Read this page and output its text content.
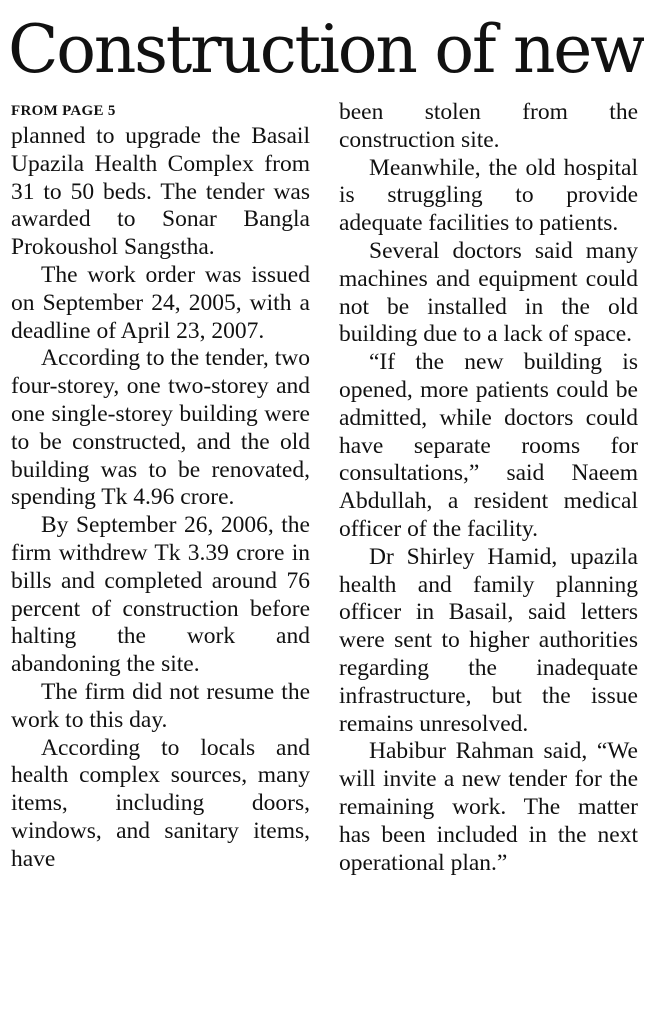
Construction of new
FROM PAGE 5

planned to upgrade the Basail Upazila Health Complex from 31 to 50 beds. The tender was awarded to Sonar Bangla Prokoushol Sangstha.

The work order was issued on September 24, 2005, with a deadline of April 23, 2007.

According to the tender, two four-storey, one two-storey and one single-storey building were to be constructed, and the old building was to be renovated, spending Tk 4.96 crore.

By September 26, 2006, the firm withdrew Tk 3.39 crore in bills and completed around 76 percent of construction before halting the work and abandoning the site.

The firm did not resume the work to this day.

According to locals and health complex sources, many items, including doors, windows, and sanitary items, have

been stolen from the construction site.

Meanwhile, the old hospital is struggling to provide adequate facilities to patients.

Several doctors said many machines and equipment could not be installed in the old building due to a lack of space.

“If the new building is opened, more patients could be admitted, while doctors could have separate rooms for consultations,” said Naeem Abdullah, a resident medical officer of the facility.

Dr Shirley Hamid, upazila health and family planning officer in Basail, said letters were sent to higher authorities regarding the inadequate infrastructure, but the issue remains unresolved.

Habibur Rahman said, “We will invite a new tender for the remaining work. The matter has been included in the next operational plan.”
